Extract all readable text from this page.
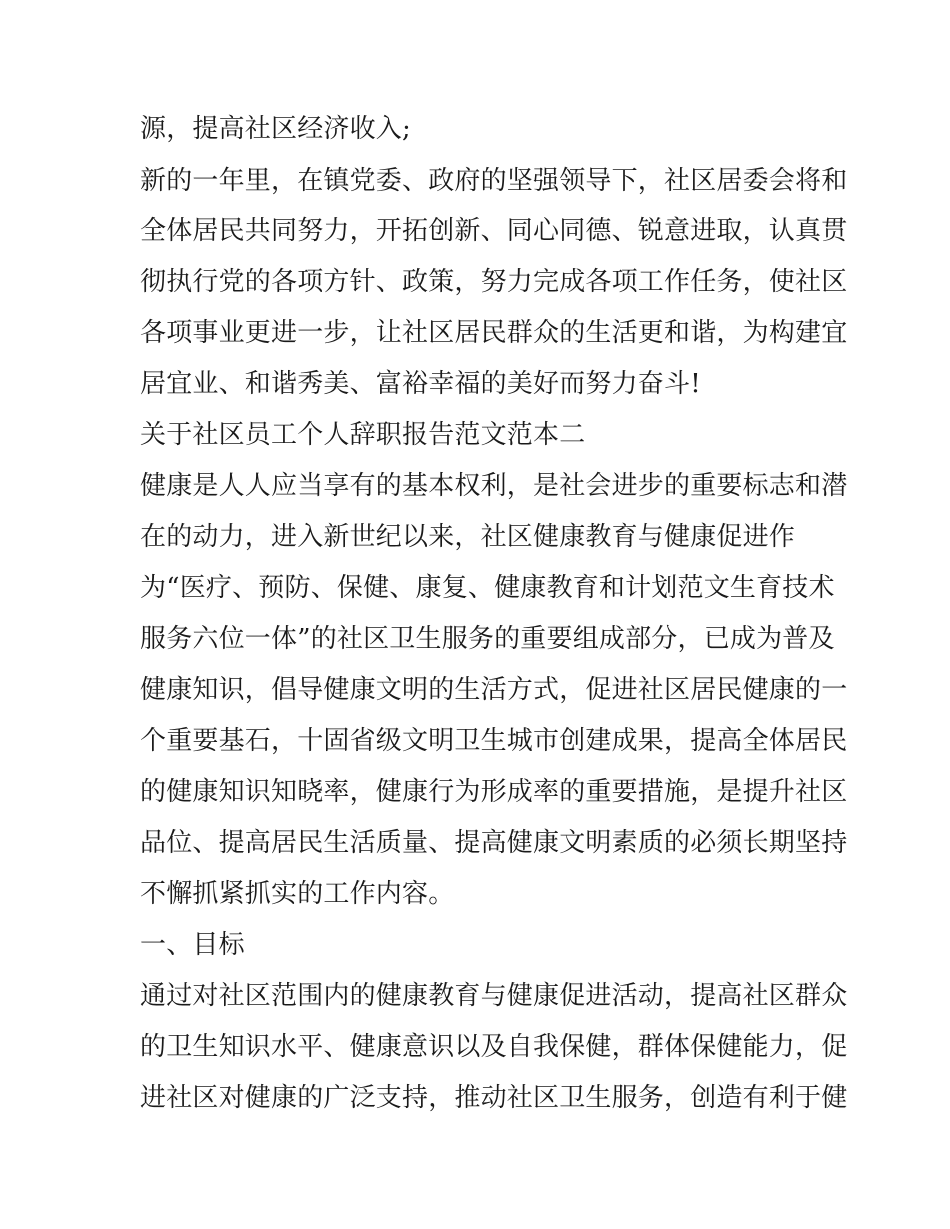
源，提高社区经济收入;
新的一年里，在镇党委、政府的坚强领导下，社区居委会将和
全体居民共同努力，开拓创新、同心同德、锐意进取，认真贯
彻执行党的各项方针、政策，努力完成各项工作任务，使社区
各项事业更进一步，让社区居民群众的生活更和谐，为构建宜
居宜业、和谐秀美、富裕幸福的美好而努力奋斗!
关于社区员工个人辞职报告范文范本二
健康是人人应当享有的基本权利，是社会进步的重要标志和潜
在的动力，进入新世纪以来，社区健康教育与健康促进作
为“医疗、预防、保健、康复、健康教育和计划范文生育技术
服务六位一体”的社区卫生服务的重要组成部分，已成为普及
健康知识，倡导健康文明的生活方式，促进社区居民健康的一
个重要基石，十固省级文明卫生城市创建成果，提高全体居民
的健康知识知晓率，健康行为形成率的重要措施，是提升社区
品位、提高居民生活质量、提高健康文明素质的必须长期坚持
不懈抓紧抓实的工作内容。
一、目标
通过对社区范围内的健康教育与健康促进活动，提高社区群众
的卫生知识水平、健康意识以及自我保健，群体保健能力，促
进社区对健康的广泛支持，推动社区卫生服务，创造有利于健
